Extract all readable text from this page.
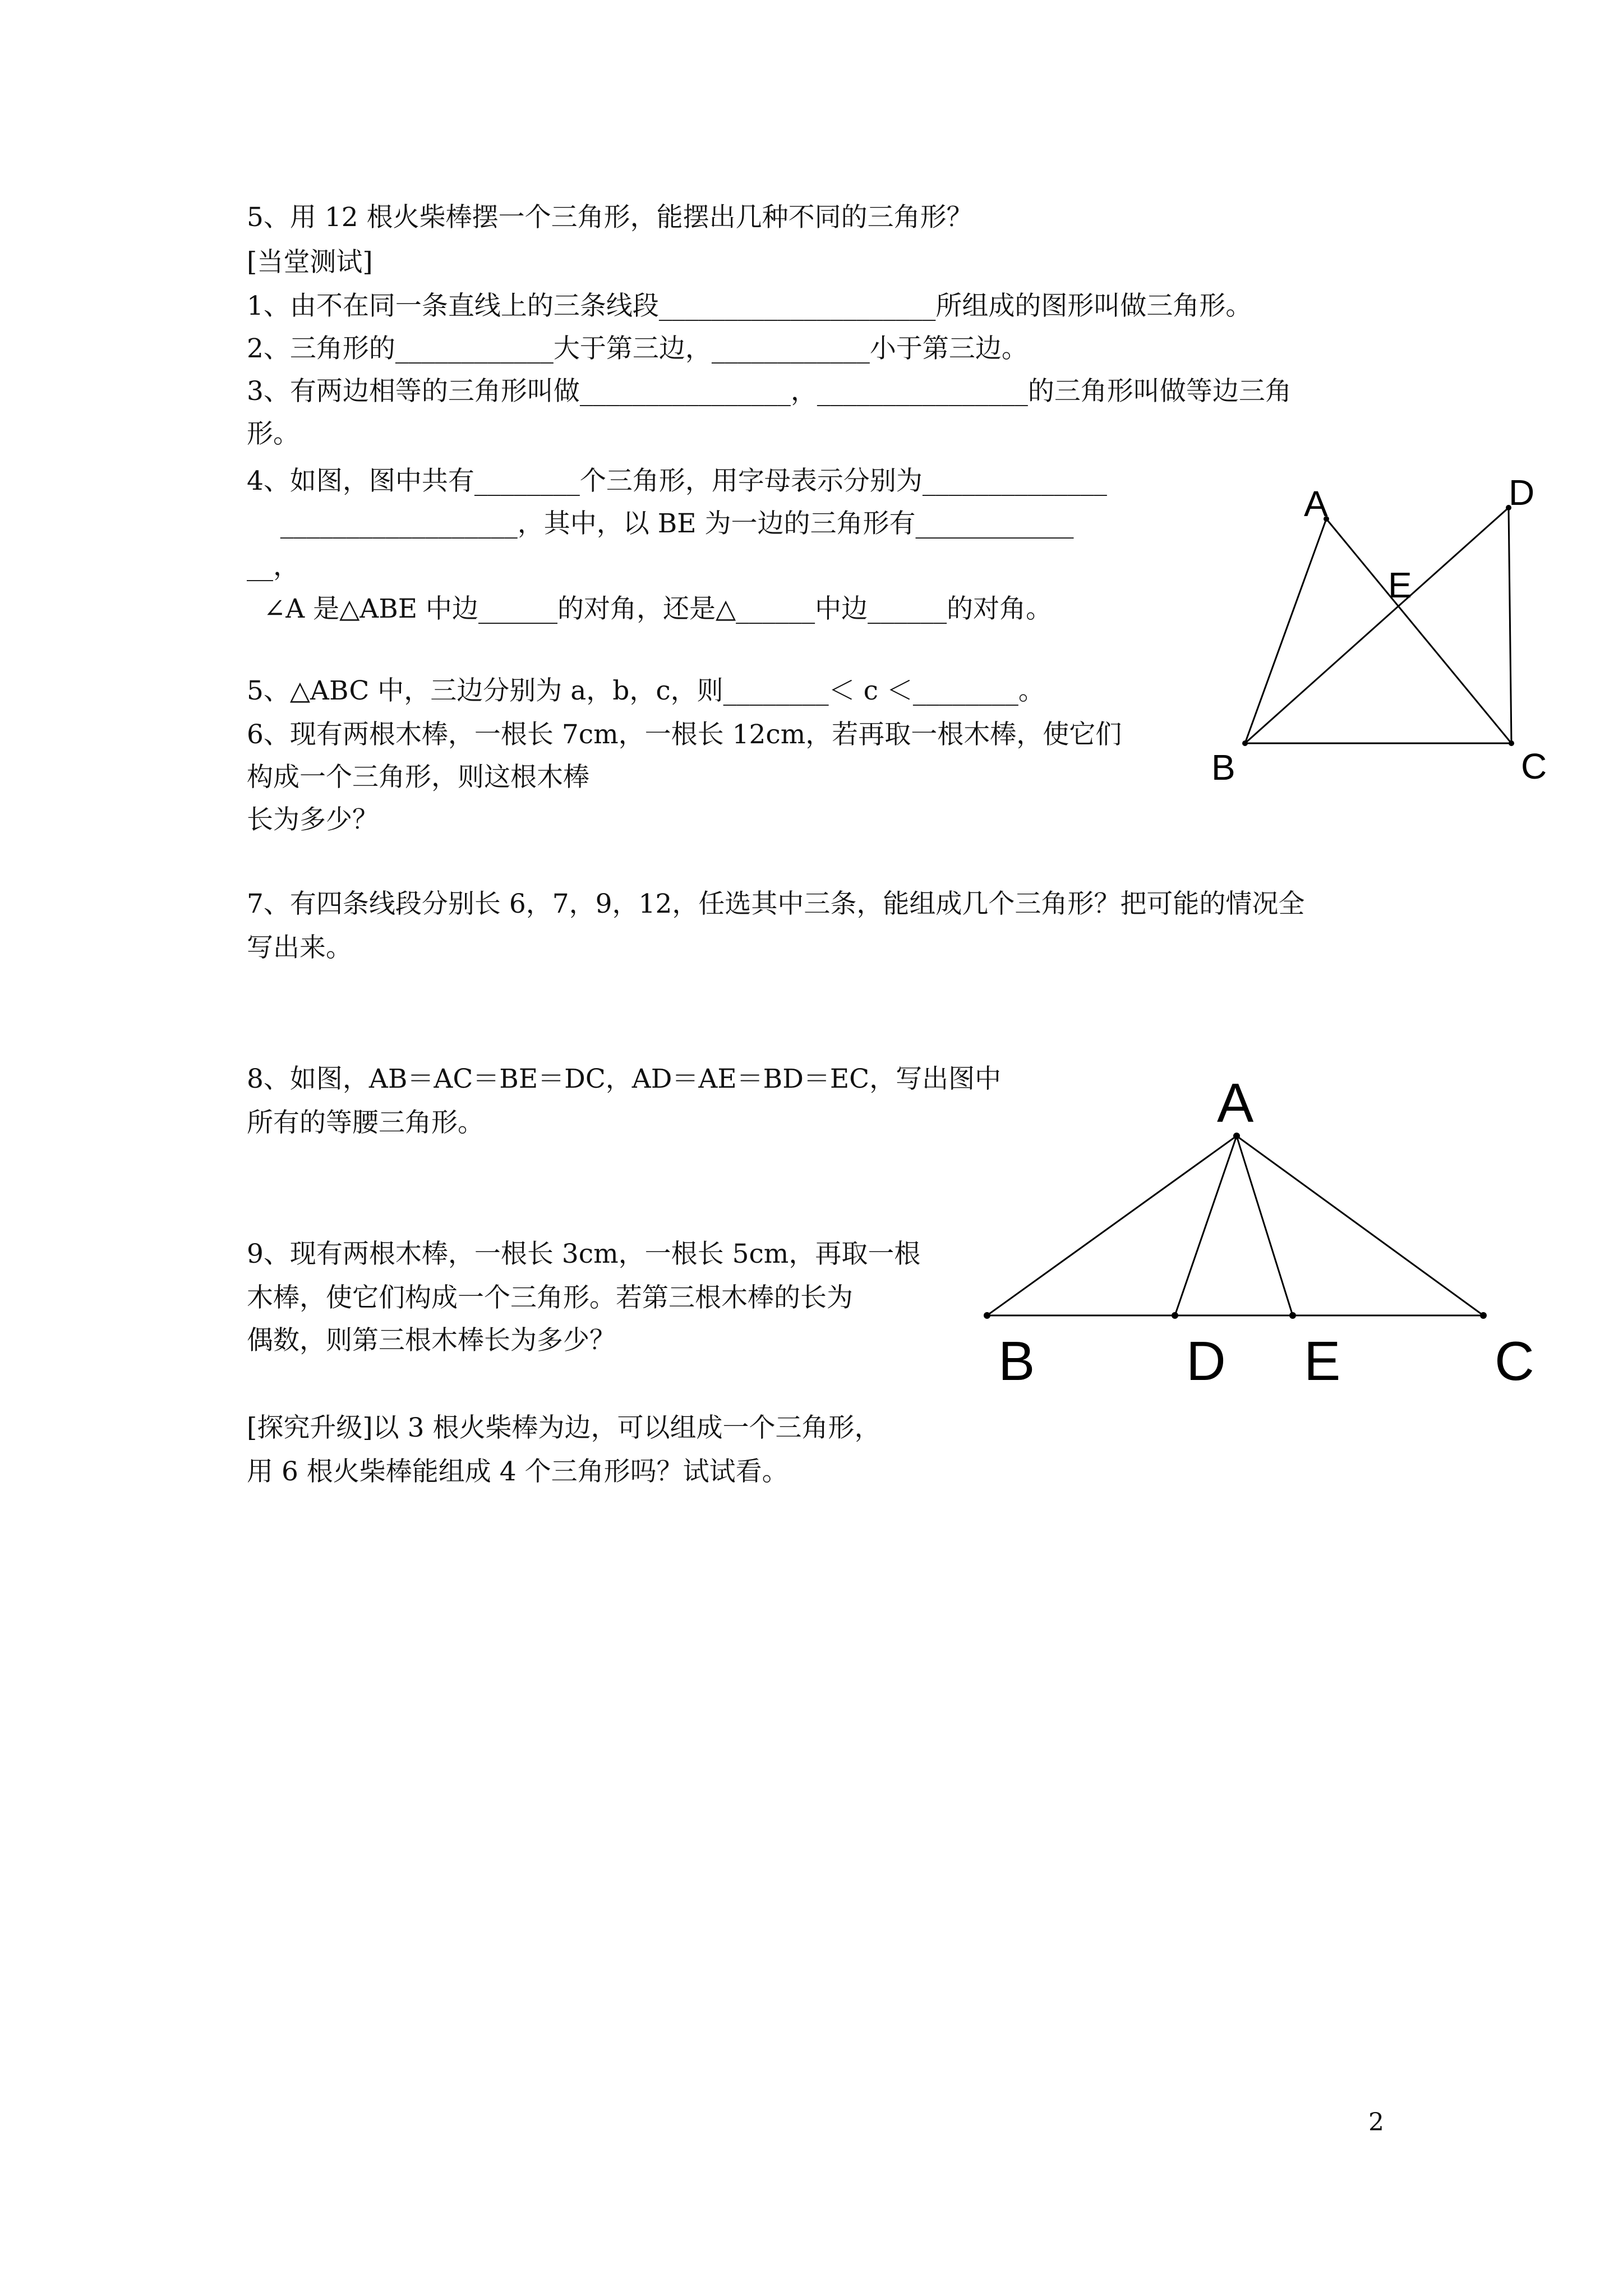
5、用 12 根火柴棒摆一个三角形，能摆出几种不同的三角形？
[当堂测试]
1、由不在同一条直线上的三条线段_____________________所组成的图形叫做三角形。
2、三角形的____________大于第三边，____________小于第三边。
3、有两边相等的三角形叫做________________，________________的三角形叫做等边三角
形。
4、如图，图中共有________个三角形，用字母表示分别为______________
__________________，其中，以 BE 为一边的三角形有____________
__，
∠A 是△ABE 中边______的对角，还是△______中边______的对角。
5、△ABC 中，三边分别为 a，b，c，则________＜ c ＜________。
6、现有两根木棒，一根长 7cm，一根长 12cm，若再取一根木棒，使它们
构成一个三角形，则这根木棒
长为多少？
7、有四条线段分别长 6，7，9，12，任选其中三条，能组成几个三角形？把可能的情况全
写出来。
8、如图，AB＝AC＝BE＝DC，AD＝AE＝BD＝EC，写出图中
所有的等腰三角形。
9、现有两根木棒，一根长 3cm，一根长 5cm，再取一根
木棒，使它们构成一个三角形。若第三根木棒的长为
偶数，则第三根木棒长为多少？
[探究升级]以 3 根火柴棒为边，可以组成一个三角形，
用 6 根火柴棒能组成 4 个三角形吗？试试看。
A	D
E
B	C
A
B	D E	C
2
